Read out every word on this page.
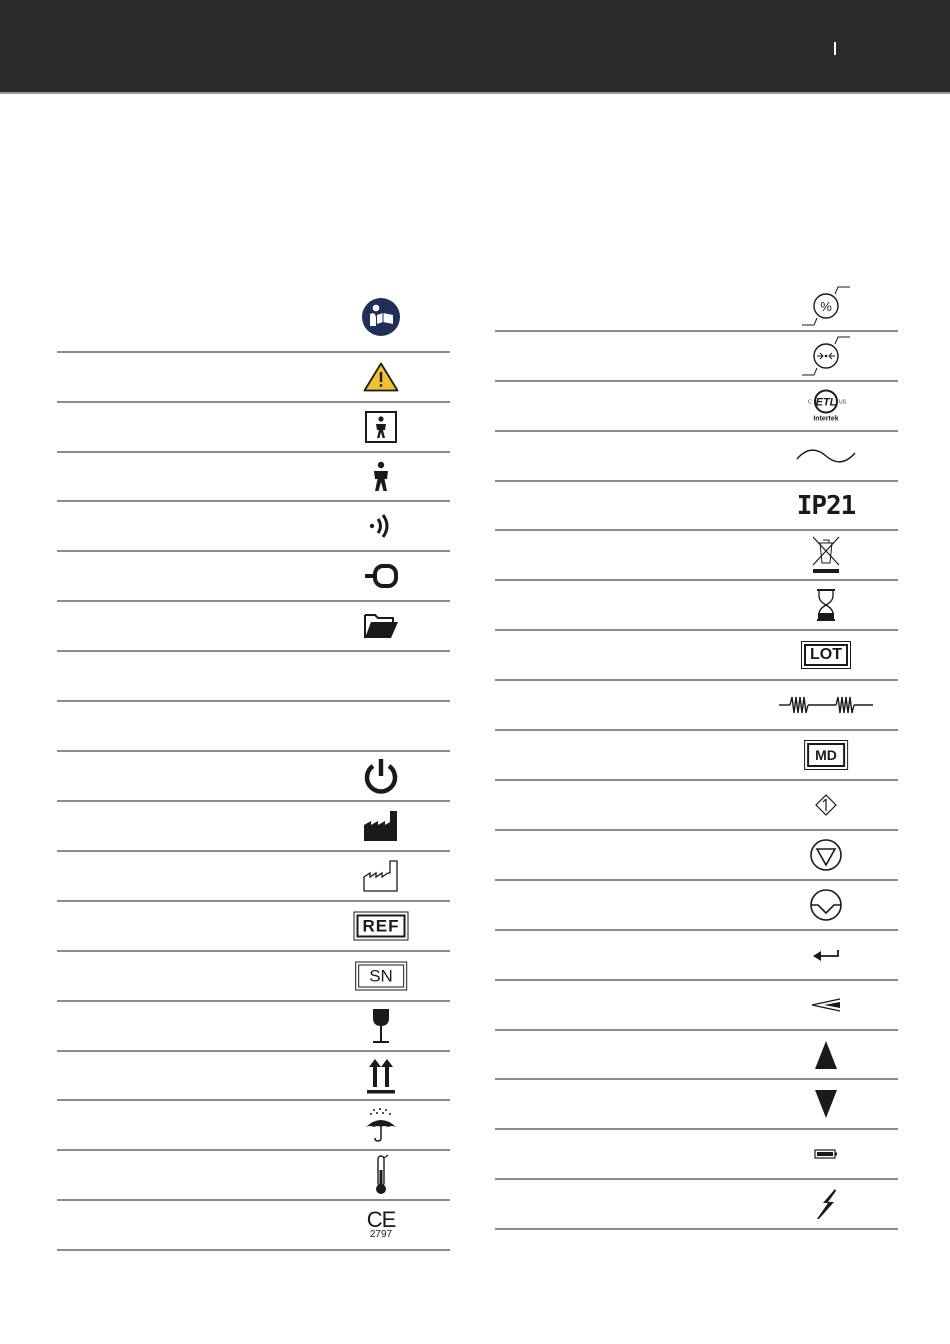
REF
SN
CE
2797
%
ETL
C	US
Intertek
IP21
LOT
MD
